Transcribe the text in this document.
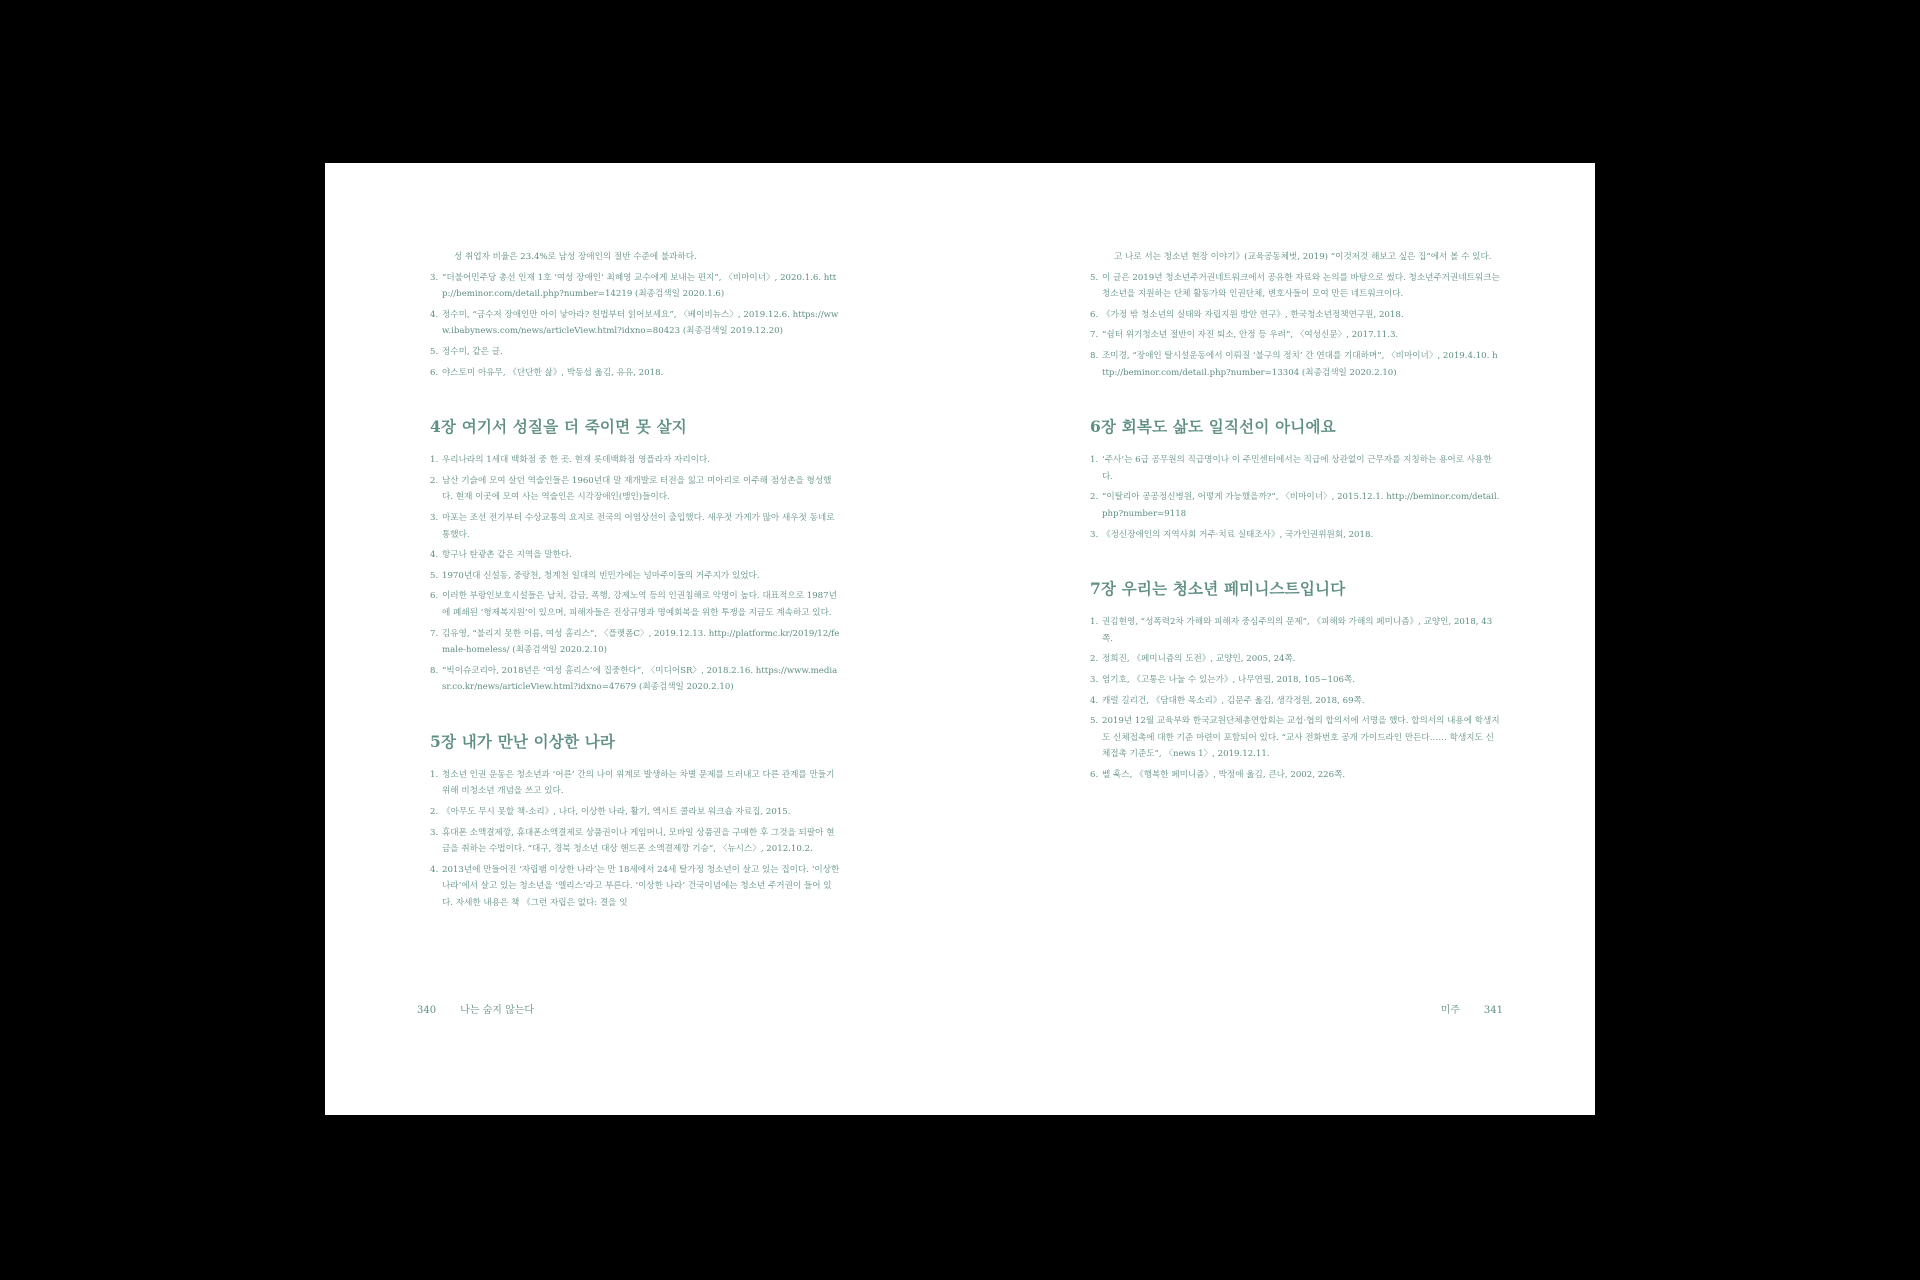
성 취업자 비율은 23.4%로 남성 장애인의 절반 수준에 불과하다.

3. “더불어민주당 총선 인재 1호 ‘여성 장애인’ 최혜영 교수에게 보내는 편지”, 〈비마이너〉, 2020.1.6. http://beminor.com/detail.php?number=14219 (최종검색일 2020.1.6)

4. 정수미, “금수저 장애인만 아이 낳아라? 헌법부터 읽어보세요”, 〈베이비뉴스〉, 2019.12.6. https://www.ibabynews.com/news/articleView.html?idxno=80423 (최종검색일 2019.12.20)

5. 정수미, 같은 글.

6. 야스토미 아유무, 《단단한 삶》, 박동섭 옮김, 유유, 2018.

4장 여기서 성질을 더 죽이면 못 살지

1. 우리나라의 1세대 백화점 중 한 곳. 현재 롯데백화점 영플라자 자리이다.

2. 남산 기슭에 모여 살던 역술인들은 1960년대 말 재개발로 터전을 잃고 미아리로 이주해 점성촌을 형성했다. 현재 이곳에 모여 사는 역술인은 시각장애인(맹인)들이다.

3. 마포는 조선 전기부터 수상교통의 요지로 전국의 어염상선이 출입했다. 새우젓 가게가 많아 새우젓 동네로 통했다.

4. 항구나 탄광촌 같은 지역을 말한다.

5. 1970년대 신설동, 중랑천, 청계천 일대의 빈민가에는 넝마주이들의 거주지가 있었다.

6. 이러한 부랑인보호시설들은 납치, 감금, 폭행, 강제노역 등의 인권침해로 악명이 높다. 대표적으로 1987년에 폐쇄된 ‘형제복지원’이 있으며, 피해자들은 진상규명과 명예회복을 위한 투쟁을 지금도 계속하고 있다.

7. 김유영, “불리지 못한 이름, 여성 홈리스”, 〈플랫폼C〉, 2019.12.13. http://platformc.kr/2019/12/female-homeless/ (최종검색일 2020.2.10)

8. “빅이슈코리아, 2018년은 ‘여성 홈리스’에 집중한다”, 〈미디어SR〉, 2018.2.16. https://www.mediasr.co.kr/news/articleView.html?idxno=47679 (최종검색일 2020.2.10)

5장 내가 만난 이상한 나라

1. 청소년 인권 운동은 청소년과 ‘어른’ 간의 나이 위계로 발생하는 차별 문제를 드러내고 다른 관계를 만들기 위해 비청소년 개념을 쓰고 있다.

2. 《아무도 무시 못할 책-소리》, 나다, 이상한 나라, 활기, 엑시트 콜라보 워크숍 자료집, 2015.

3. 휴대폰 소액결제깡, 휴대폰소액결제로 상품권이나 게임머니, 모바일 상품권을 구매한 후 그것을 되팔아 현금을 취하는 수법이다. “대구, 경북 청소년 대상 핸드폰 소액결제깡 기승”, 〈뉴시스〉, 2012.10.2.

4. 2013년에 만들어진 ‘자립팸 이상한 나라’는 만 18세에서 24세 탈가정 청소년이 살고 있는 집이다. ‘이상한 나라’에서 살고 있는 청소년을 ‘엘리스’라고 부른다. ‘이상한 나라’ 건국이념에는 청소년 주거권이 들어 있다. 자세한 내용은 책 《그런 자립은 없다: 결을 잇

340 나는 숨지 않는다

고 나로 서는 청소년 현장 이야기》(교육공동체벗, 2019) “이것저것 해보고 싶은 집”에서 볼 수 있다.

5. 이 글은 2019년 청소년주거권네트워크에서 공유한 자료와 논의를 바탕으로 썼다. 청소년주거권네트워크는 청소년을 지원하는 단체 활동가와 인권단체, 변호사들이 모여 만든 네트워크이다.

6. 《가정 밖 청소년의 실태와 자립지원 방안 연구》, 한국청소년정책연구원, 2018.

7. “쉼터 위기청소년 절반이 자진 퇴소, 안정 등 우려”, 〈여성신문〉, 2017.11.3.

8. 조미경, “장애인 탈시설운동에서 이뤄질 ‘불구의 정치’ 간 연대를 기대하며”, 〈비마이너〉, 2019.4.10. http://beminor.com/detail.php?number=13304 (최종검색일 2020.2.10)

6장 회복도 삶도 일직선이 아니에요

1. ‘주사’는 6급 공무원의 직급명이나 이 주민센터에서는 직급에 상관없이 근무자를 지칭하는 용어로 사용한다.

2. “이탈리아 공공정신병원, 어떻게 가능했을까?”, 〈비마이너〉, 2015.12.1. http://beminor.com/detail.php?number=9118

3. 《정신장애인의 지역사회 거주·치료 실태조사》, 국가인권위원회, 2018.

7장 우리는 청소년 페미니스트입니다

1. 권김현영, “성폭력2차 가해와 피해자 중심주의의 문제”, 《피해와 가해의 페미니즘》, 교양인, 2018, 43쪽.

2. 정희진, 《페미니즘의 도전》, 교양인, 2005, 24쪽.

3. 엄기호, 《고통은 나눌 수 있는가》, 나무연필, 2018, 105~106쪽.

4. 캐럴 길리건, 《담대한 목소리》, 김문주 옮김, 생각정원, 2018, 69쪽.

5. 2019년 12월 교육부와 한국교원단체총연합회는 교섭·협의 합의서에 서명을 했다. 합의서의 내용에 학생지도 신체접촉에 대한 기준 마련이 포함되어 있다. “교사 전화번호 공개 가이드라인 만든다…… 학생지도 신체접촉 기준도”, 〈news 1〉, 2019.12.11.

6. 벨 훅스, 《행복한 페미니즘》, 박정애 옮김, 큰나, 2002, 226쪽.

미주 341
